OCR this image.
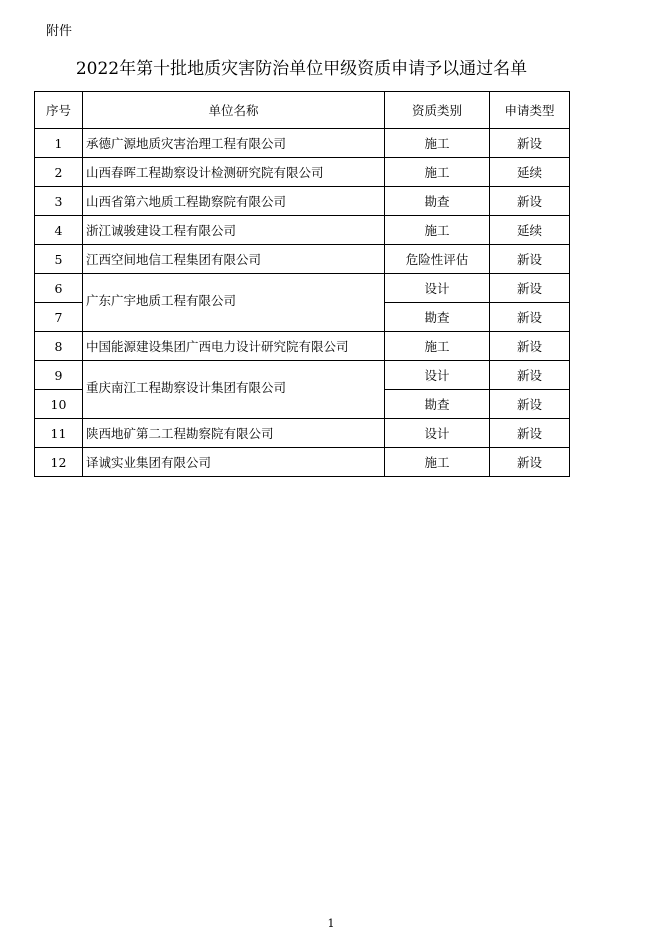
附件
2022年第十批地质灾害防治单位甲级资质申请予以通过名单
序号	单位名称	资质类别	申请类型
1	承德广源地质灾害治理工程有限公司	施工	新设
2	山西春晖工程勘察设计检测研究院有限公司	施工	延续
3	山西省第六地质工程勘察院有限公司	勘查	新设
4	浙江诚骏建设工程有限公司	施工	延续
5	江西空间地信工程集团有限公司	危险性评估	新设
6	广东广宇地质工程有限公司	设计	新设
7		勘查	新设
8	中国能源建设集团广西电力设计研究院有限公司	施工	新设
9	重庆南江工程勘察设计集团有限公司	设计	新设
10		勘查	新设
11	陕西地矿第二工程勘察院有限公司	设计	新设
12	译诚实业集团有限公司	施工	新设
1
